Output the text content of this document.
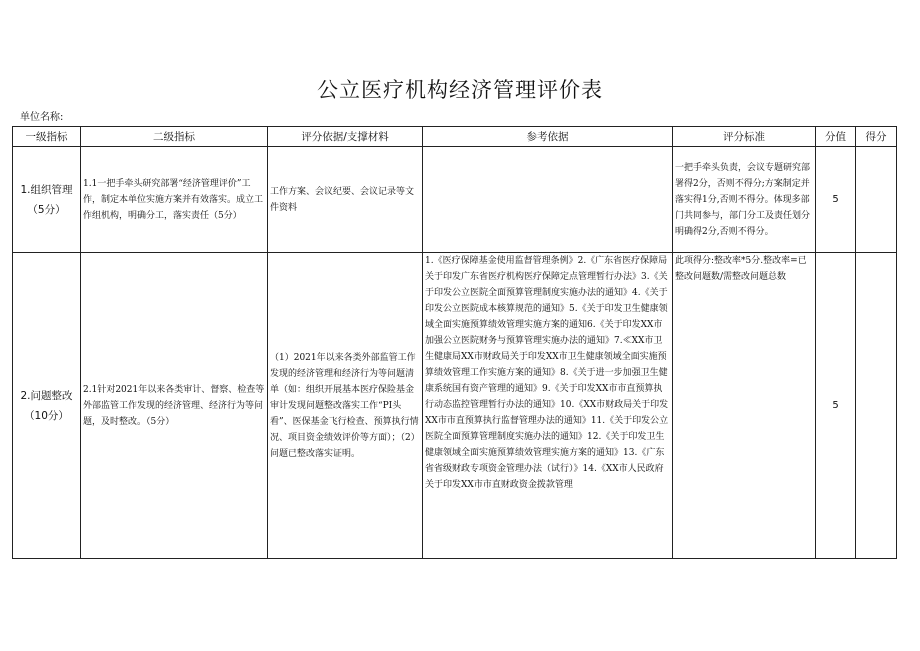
公立医疗机构经济管理评价表
单位名称:
一级指标	二级指标	评分依据/支撑材料	参考依据	评分标准	分值	得分
1.组织管理（5分）	1.1一把手牵头研究部署“经济管理评价”工作，制定本单位实施方案并有效落实。成立工作组机构，明确分工，落实责任（5分）	工作方案、会议纪要、会议记录等文件资料		一把手牵头负责，会议专题研究部署得2分，否则不得分;方案制定并落实得1分,否则不得分。体现多部门共同参与，部门分工及责任划分明确得2分,否则不得分。	5	
2.问题整改（10分）	2.1针对2021年以来各类审计、督察、检查等外部监管工作发现的经济管理、经济行为等问题，及时整改。（5分）	（1）2021年以来各类外部监管工作发现的经济管理和经济行为等问题清单（如：组织开展基本医疗保险基金审计发现问题整改落实工作“PI头看”、医保基金飞行检查、预算执行情况、项目资金绩效评价等方面）；（2）问题已整改落实证明。	1.《医疗保障基金使用监督管理条例》2.《广东省医疗保障局关于印发广东省医疗机构医疗保障定点管理暂行办法》3.《关于印发公立医院全面预算管理制度实施办法的通知》4.《关于印发公立医院成本核算规范的通知》5.《关于印发卫生健康领域全面实施预算绩效管理实施方案的通知6.《关于印发XX市加强公立医院财务与预算管理实施办法的通知》7.≪XX市卫生健康局XX市财政局关于印发XX市卫生健康领域全面实施预算绩效管理工作实施方案的通知》8.《关于进一步加强卫生健康系统国有资产管理的通知》9.《关于印发XX市市直预算执行动态监控管理暂行办法的通知》10.《XX市财政局关于印发XX市市直预算执行监督管理办法的通知》11.《关于印发公立医院全面预算管理制度实施办法的通知》12.《关于印发卫生健康领域全面实施预算绩效管理实施方案的通知》13.《广东省省级财政专项资金管理办法（试行）》14.《XX市人民政府关于印发XX市市直财政资金拨款管理	此项得分:整改率*5分.整改率=已整改问题数/需整改问题总数	5	
